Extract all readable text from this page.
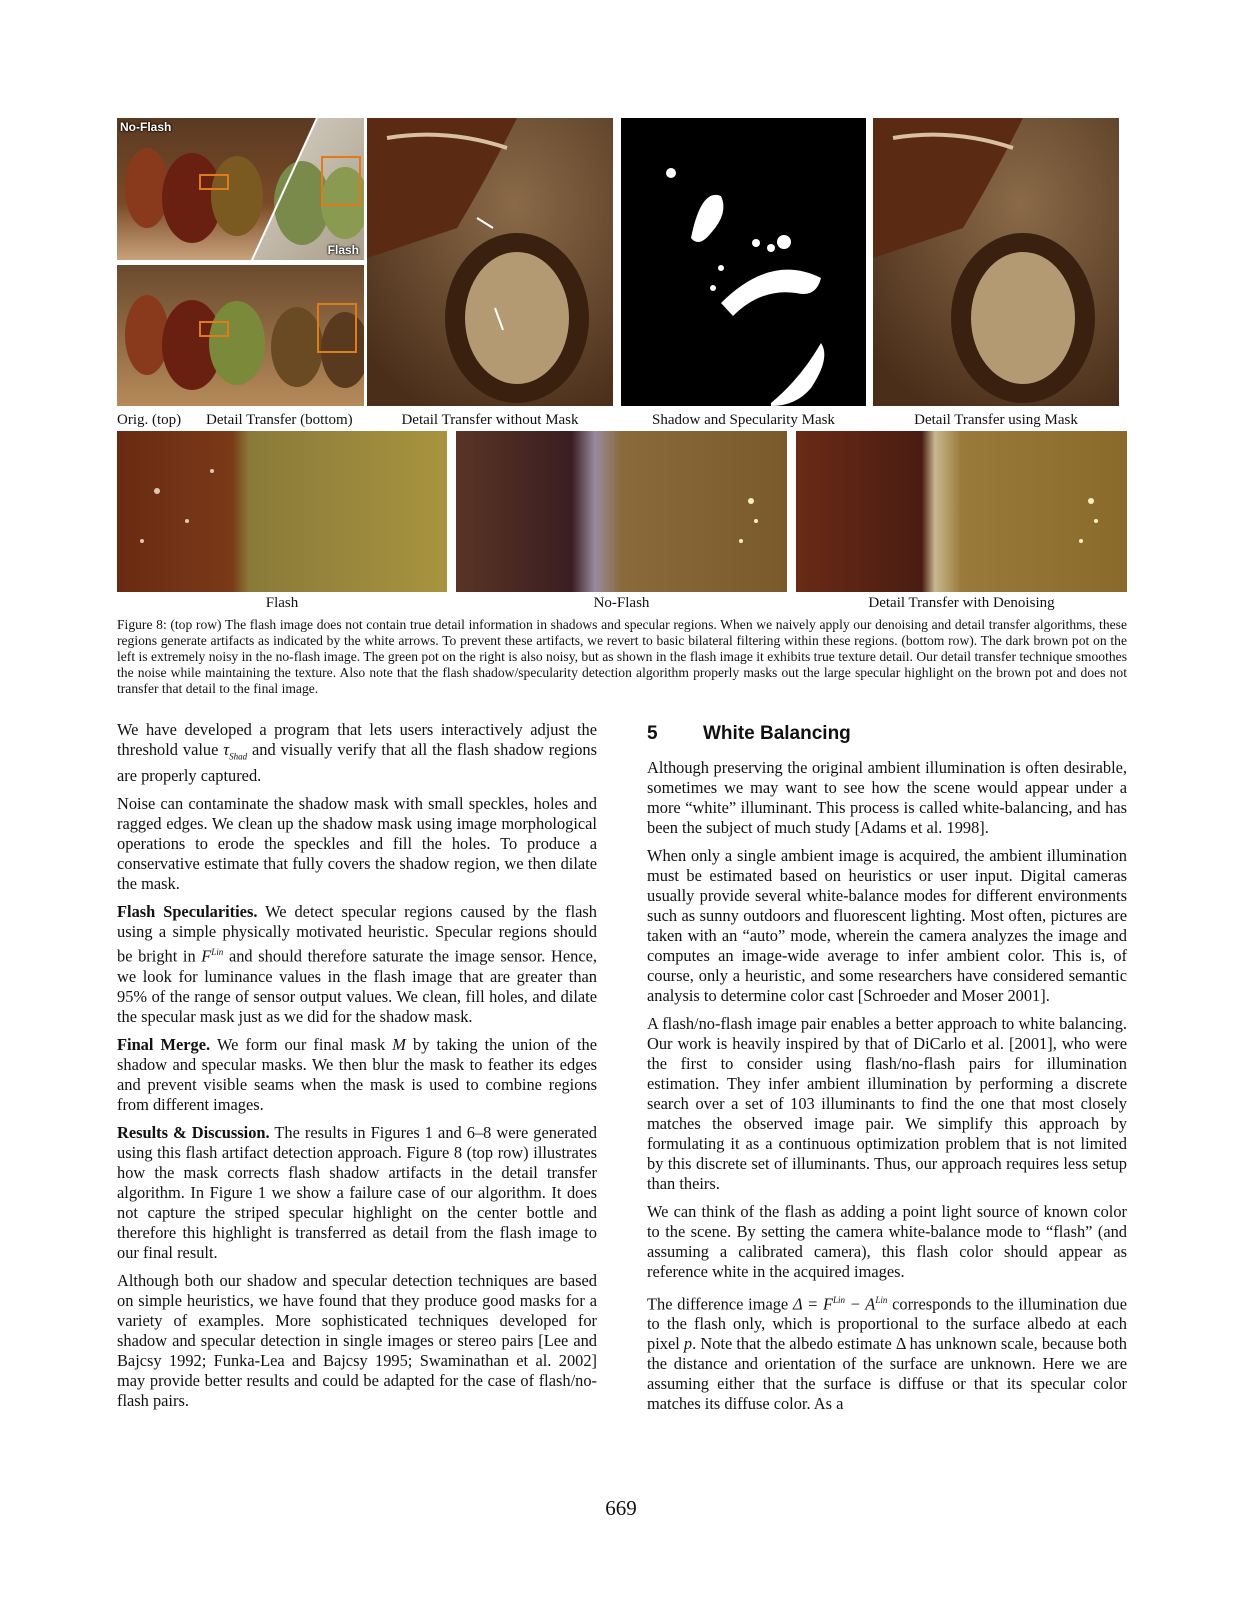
No-Flash
Flash
Orig. (top) Detail Transfer (bottom)	Detail Transfer without Mask	Shadow and Specularity Mask	Detail Transfer using Mask
Flash	No-Flash	Detail Transfer with Denoising
Figure 8: (top row) The flash image does not contain true detail information in shadows and specular regions. When we naively apply our denoising and detail transfer algorithms, these regions generate artifacts as indicated by the white arrows. To prevent these artifacts, we revert to basic bilateral filtering within these regions. (bottom row). The dark brown pot on the left is extremely noisy in the no-flash image. The green pot on the right is also noisy, but as shown in the flash image it exhibits true texture detail. Our detail transfer technique smoothes the noise while maintaining the texture. Also note that the flash shadow/specularity detection algorithm properly masks out the large specular highlight on the brown pot and does not transfer that detail to the final image.

We have developed a program that lets users interactively adjust the threshold value $\tau_{Shad}$ and visually verify that all the flash shadow regions are properly captured.

Noise can contaminate the shadow mask with small speckles, holes and ragged edges. We clean up the shadow mask using image morphological operations to erode the speckles and fill the holes. To produce a conservative estimate that fully covers the shadow region, we then dilate the mask.

Flash Specularities. We detect specular regions caused by the flash using a simple physically motivated heuristic. Specular regions should be bright in $F^{Lin}$ and should therefore saturate the image sensor. Hence, we look for luminance values in the flash image that are greater than 95% of the range of sensor output values. We clean, fill holes, and dilate the specular mask just as we did for the shadow mask.

Final Merge. We form our final mask M by taking the union of the shadow and specular masks. We then blur the mask to feather its edges and prevent visible seams when the mask is used to combine regions from different images.

Results & Discussion. The results in Figures 1 and 6–8 were generated using this flash artifact detection approach. Figure 8 (top row) illustrates how the mask corrects flash shadow artifacts in the detail transfer algorithm. In Figure 1 we show a failure case of our algorithm. It does not capture the striped specular highlight on the center bottle and therefore this highlight is transferred as detail from the flash image to our final result.

Although both our shadow and specular detection techniques are based on simple heuristics, we have found that they produce good masks for a variety of examples. More sophisticated techniques developed for shadow and specular detection in single images or stereo pairs [Lee and Bajcsy 1992; Funka-Lea and Bajcsy 1995; Swaminathan et al. 2002] may provide better results and could be adapted for the case of flash/no-flash pairs.

5 White Balancing

Although preserving the original ambient illumination is often desirable, sometimes we may want to see how the scene would appear under a more “white” illuminant. This process is called white-balancing, and has been the subject of much study [Adams et al. 1998].

When only a single ambient image is acquired, the ambient illumination must be estimated based on heuristics or user input. Digital cameras usually provide several white-balance modes for different environments such as sunny outdoors and fluorescent lighting. Most often, pictures are taken with an “auto” mode, wherein the camera analyzes the image and computes an image-wide average to infer ambient color. This is, of course, only a heuristic, and some researchers have considered semantic analysis to determine color cast [Schroeder and Moser 2001].

A flash/no-flash image pair enables a better approach to white balancing. Our work is heavily inspired by that of DiCarlo et al. [2001], who were the first to consider using flash/no-flash pairs for illumination estimation. They infer ambient illumination by performing a discrete search over a set of 103 illuminants to find the one that most closely matches the observed image pair. We simplify this approach by formulating it as a continuous optimization problem that is not limited by this discrete set of illuminants. Thus, our approach requires less setup than theirs.

We can think of the flash as adding a point light source of known color to the scene. By setting the camera white-balance mode to “flash” (and assuming a calibrated camera), this flash color should appear as reference white in the acquired images.

The difference image $\Delta = F^{Lin} - A^{Lin}$ corresponds to the illumination due to the flash only, which is proportional to the surface albedo at each pixel p. Note that the albedo estimate Δ has unknown scale, because both the distance and orientation of the surface are unknown. Here we are assuming either that the surface is diffuse or that its specular color matches its diffuse color. As a

669
